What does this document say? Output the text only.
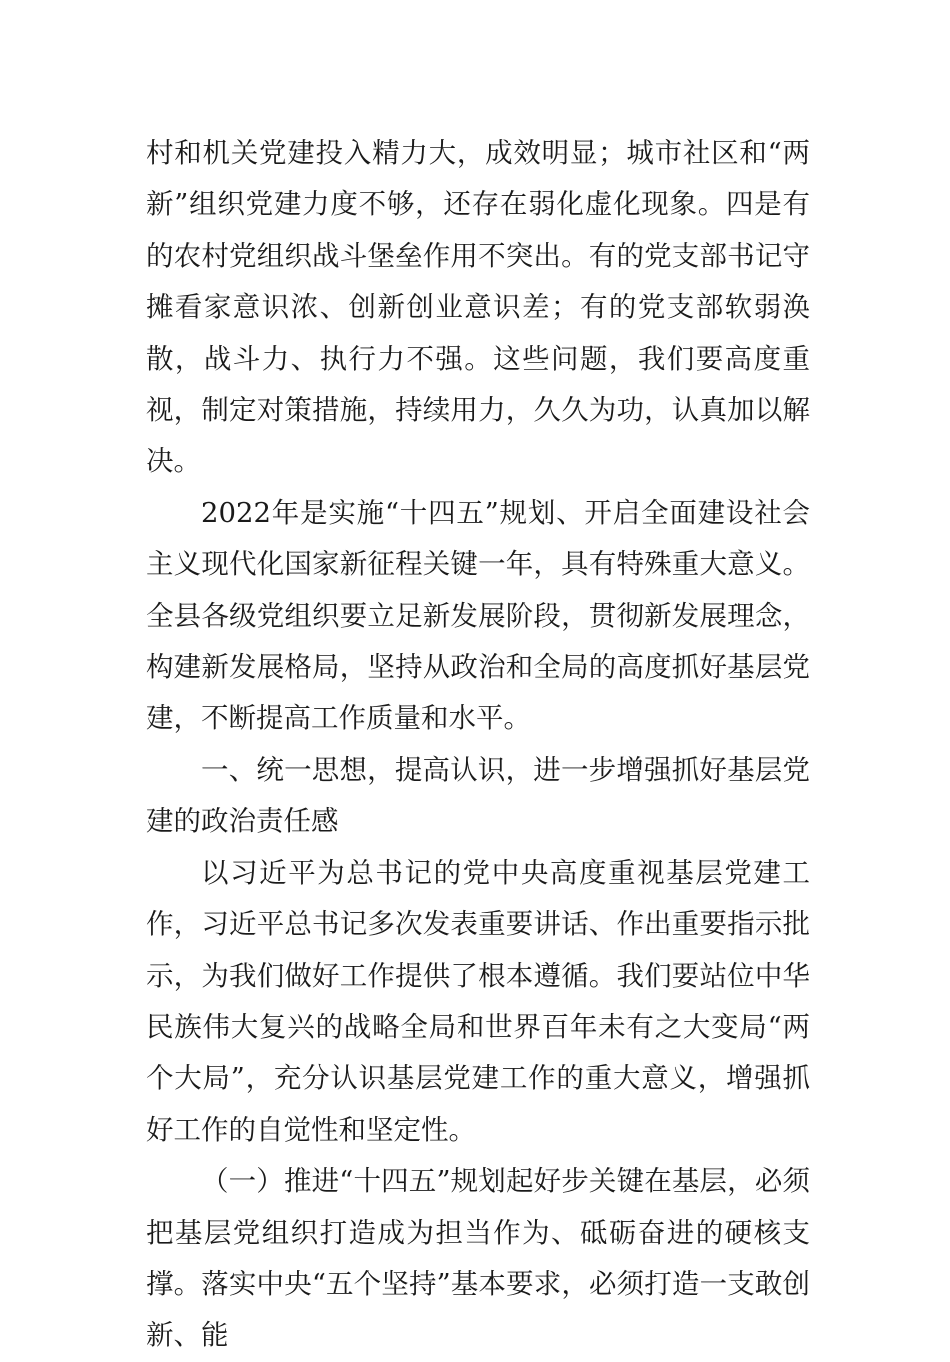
村和机关党建投入精力大，成效明显；城市社区和“两新”组织党建力度不够，还存在弱化虚化现象。四是有的农村党组织战斗堡垒作用不突出。有的党支部书记守摊看家意识浓、创新创业意识差；有的党支部软弱涣散，战斗力、执行力不强。这些问题，我们要高度重视，制定对策措施，持续用力，久久为功，认真加以解决。

2022年是实施“十四五”规划、开启全面建设社会主义现代化国家新征程关键一年，具有特殊重大意义。全县各级党组织要立足新发展阶段，贯彻新发展理念，构建新发展格局，坚持从政治和全局的高度抓好基层党建，不断提高工作质量和水平。

一、统一思想，提高认识，进一步增强抓好基层党建的政治责任感

以习近平为总书记的党中央高度重视基层党建工作，习近平总书记多次发表重要讲话、作出重要指示批示，为我们做好工作提供了根本遵循。我们要站位中华民族伟大复兴的战略全局和世界百年未有之大变局“两个大局”，充分认识基层党建工作的重大意义，增强抓好工作的自觉性和坚定性。

（一）推进“十四五”规划起好步关键在基层，必须把基层党组织打造成为担当作为、砥砺奋进的硬核支撑。落实中央“五个坚持”基本要求，必须打造一支敢创新、能
